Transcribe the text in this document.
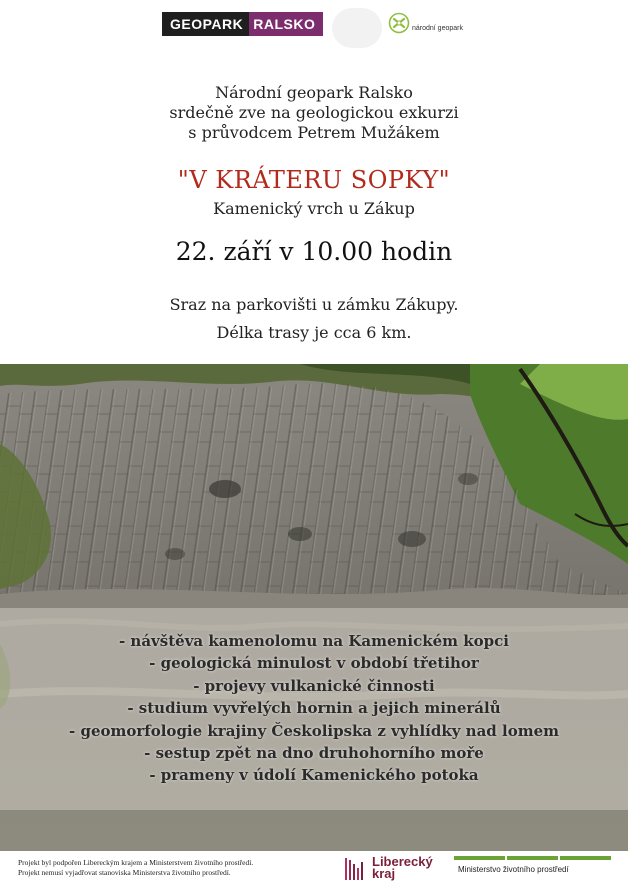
GEOPARK RALSKO	národní geopark
Národní geopark Ralsko
srdečně zve na geologickou exkurzi
s průvodcem Petrem Mužákem
"V KRÁTERU SOPKY"
Kamenický vrch u Zákup
22. září v 10.00 hodin
Sraz na parkovišti u zámku Zákupy.
Délka trasy je cca 6 km.
- návštěva kamenolomu na Kamenickém kopci
- geologická minulost v období třetihor
- projevy vulkanické činnosti
- studium vyvřelých hornin a jejich minerálů
- geomorfologie krajiny Českolipska z vyhlídky nad lomem
- sestup zpět na dno druhohorního moře
- prameny v údolí Kamenického potoka
Projekt byl podpořen Libereckým krajem a Ministerstvem životního prostředí.
Projekt nemusí vyjadřovat stanoviska Ministerstva životního prostředí.
Liberecký
kraj	Ministerstvo životního prostředí
